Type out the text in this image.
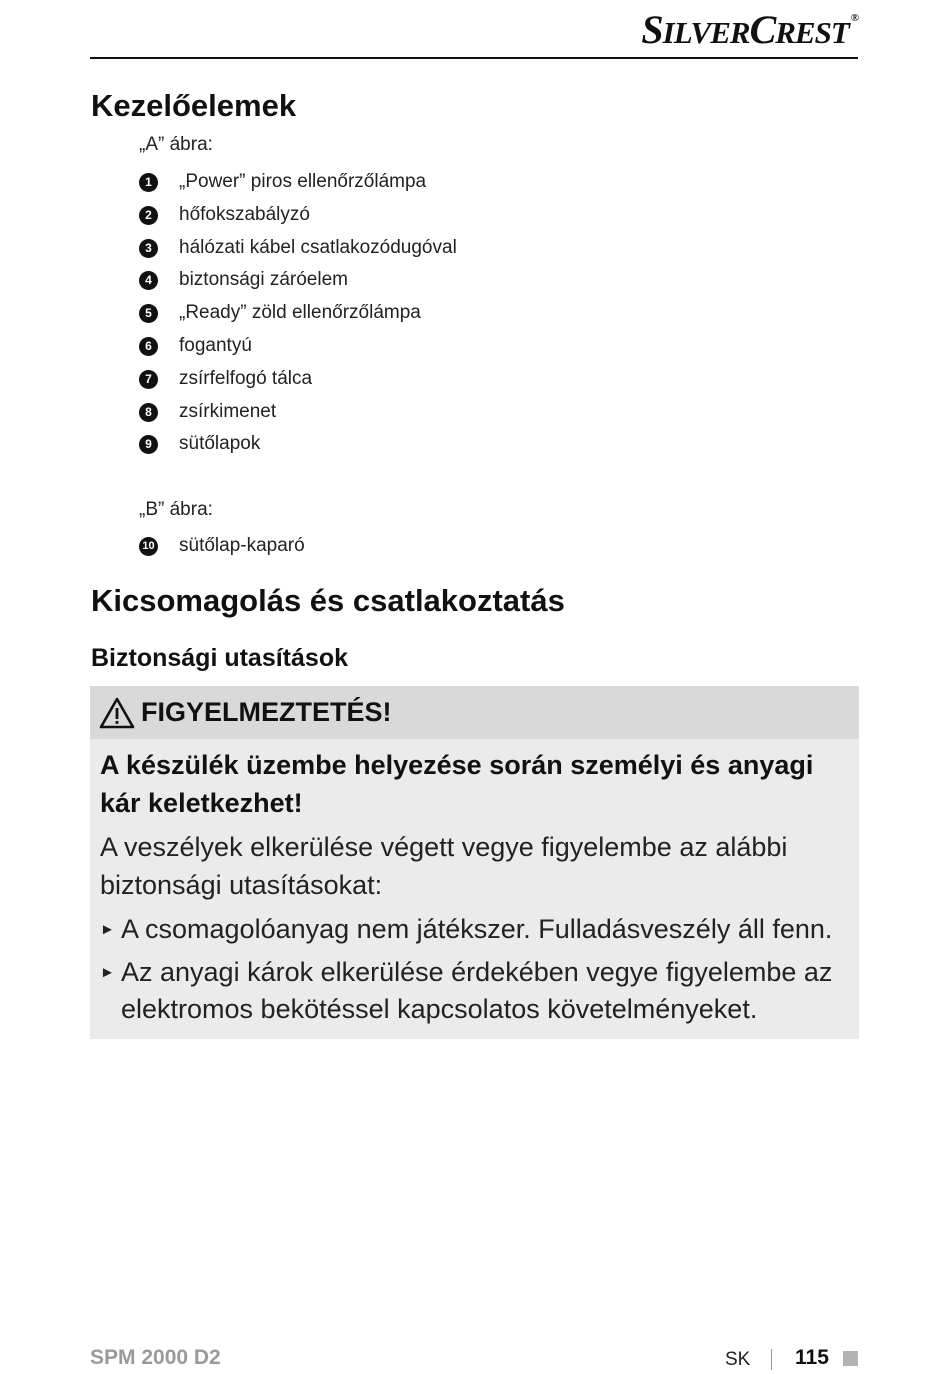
SILVERCREST ®
Kezelőelemek
„A” ábra:
1	„Power” piros ellenőrzőlámpa
2	hőfokszabályzó
3	hálózati kábel csatlakozódugóval
4	biztonsági záróelem
5	„Ready” zöld ellenőrzőlámpa
6	fogantyú
7	zsírfelfogó tálca
8	zsírkimenet
9	sütőlapok
„B” ábra:
10 sütőlap-kaparó
Kicsomagolás és csatlakoztatás
Biztonsági utasítások
FIGYELMEZTETÉS!
A készülék üzembe helyezése során személyi és anyagi kár keletkezhet!
A veszélyek elkerülése végett vegye figyelembe az alábbi biztonsági utasításokat:
► A csomagolóanyag nem játékszer. Fulladásveszély áll fenn.
► Az anyagi károk elkerülése érdekében vegye figyelembe az elektromos bekötéssel kapcsolatos követelményeket.
SPM 2000 D2	SK 115
